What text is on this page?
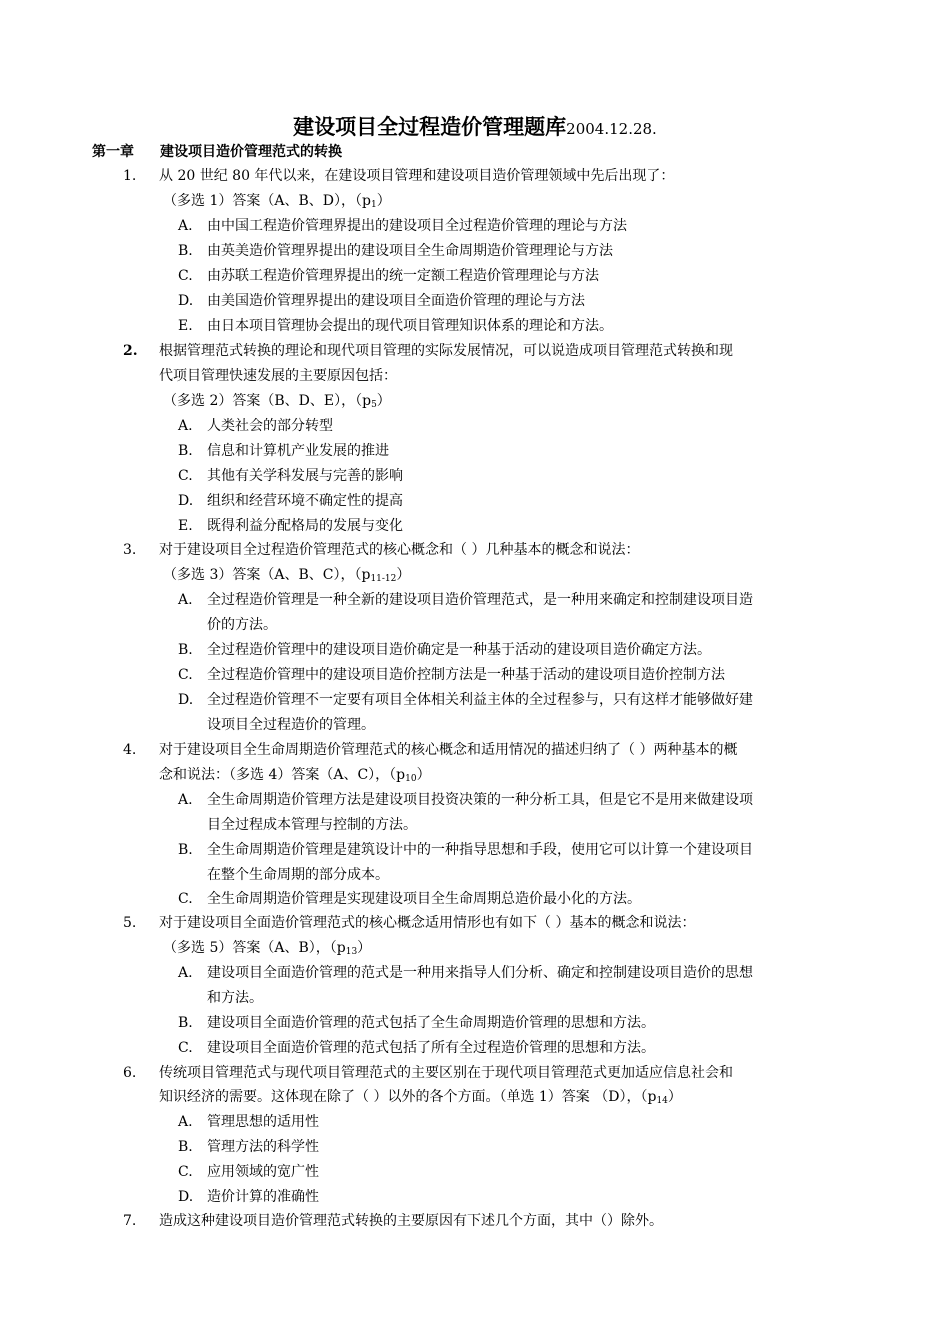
建设项目全过程造价管理题库2004.12.28.
第一章 建设项目造价管理范式的转换
1. 从 20 世纪 80 年代以来，在建设项目管理和建设项目造价管理领域中先后出现了：
（多选 1）答案（A、B、D），$(p_1)$
A. 由中国工程造价管理界提出的建设项目全过程造价管理的理论与方法
B. 由英美造价管理界提出的建设项目全生命周期造价管理理论与方法
C. 由苏联工程造价管理界提出的统一定额工程造价管理理论与方法
D. 由美国造价管理界提出的建设项目全面造价管理的理论与方法
E. 由日本项目管理协会提出的现代项目管理知识体系的理论和方法。
2. 根据管理范式转换的理论和现代项目管理的实际发展情况，可以说造成项目管理范式转换和现
代项目管理快速发展的主要原因包括：
（多选 2）答案（B、D、E），$(p_5)$
A. 人类社会的部分转型
B. 信息和计算机产业发展的推进
C. 其他有关学科发展与完善的影响
D. 组织和经营环境不确定性的提高
E. 既得利益分配格局的发展与变化
3. 对于建设项目全过程造价管理范式的核心概念和（ ）几种基本的概念和说法：
（多选 3）答案（A、B、C），$(p_{11-12})$
A. 全过程造价管理是一种全新的建设项目造价管理范式，是一种用来确定和控制建设项目造
价的方法。
B. 全过程造价管理中的建设项目造价确定是一种基于活动的建设项目造价确定方法。
C. 全过程造价管理中的建设项目造价控制方法是一种基于活动的建设项目造价控制方法
D. 全过程造价管理不一定要有项目全体相关利益主体的全过程参与，只有这样才能够做好建
设项目全过程造价的管理。
4. 对于建设项目全生命周期造价管理范式的核心概念和适用情况的描述归纳了（ ）两种基本的概
念和说法：（多选 4）答案（A、C），$(p_{10})$
A. 全生命周期造价管理方法是建设项目投资决策的一种分析工具，但是它不是用来做建设项
目全过程成本管理与控制的方法。
B. 全生命周期造价管理是建筑设计中的一种指导思想和手段，使用它可以计算一个建设项目
在整个生命周期的部分成本。
C. 全生命周期造价管理是实现建设项目全生命周期总造价最小化的方法。
5. 对于建设项目全面造价管理范式的核心概念适用情形也有如下（ ）基本的概念和说法：
（多选 5）答案（A、B），$(p_{13})$
A. 建设项目全面造价管理的范式是一种用来指导人们分析、确定和控制建设项目造价的思想
和方法。
B. 建设项目全面造价管理的范式包括了全生命周期造价管理的思想和方法。
C. 建设项目全面造价管理的范式包括了所有全过程造价管理的思想和方法。
6. 传统项目管理范式与现代项目管理范式的主要区别在于现代项目管理范式更加适应信息社会和
知识经济的需要。这体现在除了（ ）以外的各个方面。（单选 1）答案 （D），$(p_{14})$
A. 管理思想的适用性
B. 管理方法的科学性
C. 应用领域的宽广性
D. 造价计算的准确性
7. 造成这种建设项目造价管理范式转换的主要原因有下述几个方面，其中（）除外。
